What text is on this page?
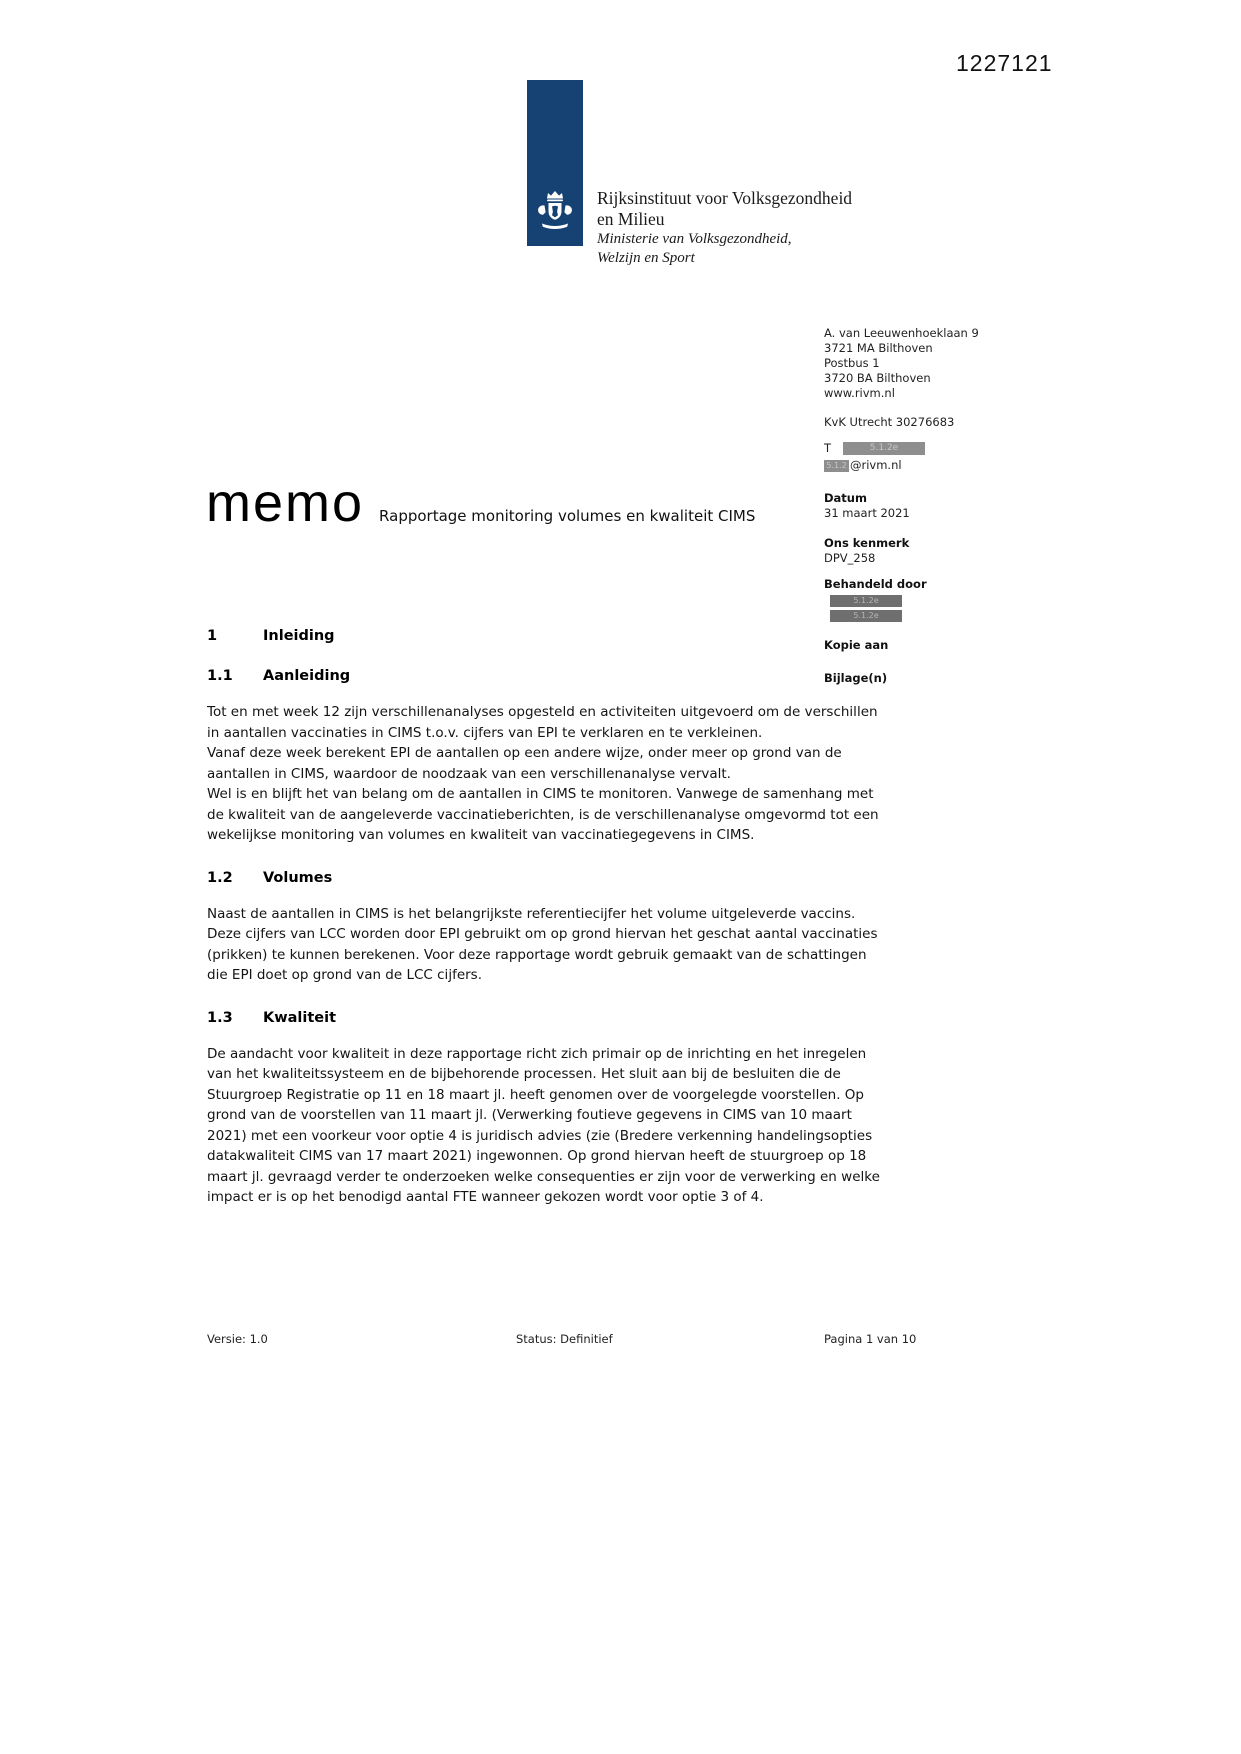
1227121
Rijksinstituut voor Volksgezondheid
en Milieu
Ministerie van Volksgezondheid,
Welzijn en Sport
A. van Leeuwenhoeklaan 9
3721 MA Bilthoven
Postbus 1
3720 BA Bilthoven
www.rivm.nl
KvK Utrecht 30276683
T	5.1.2e
5.1.2 @rivm.nl
Datum
31 maart 2021
Ons kenmerk
DPV_258
Behandeld door
5.1.2e
5.1.2e
Kopie aan
Bijlage(n)
memo Rapportage monitoring volumes en kwaliteit CIMS
1	Inleiding
1.1	Aanleiding

Tot en met week 12 zijn verschillenanalyses opgesteld en activiteiten uitgevoerd om de verschillen in aantallen vaccinaties in CIMS t.o.v. cijfers van EPI te verklaren en te verkleinen.

Vanaf deze week berekent EPI de aantallen op een andere wijze, onder meer op grond van de aantallen in CIMS, waardoor de noodzaak van een verschillenanalyse vervalt.

Wel is en blijft het van belang om de aantallen in CIMS te monitoren. Vanwege de samenhang met de kwaliteit van de aangeleverde vaccinatieberichten, is de verschillenanalyse omgevormd tot een wekelijkse monitoring van volumes en kwaliteit van vaccinatiegegevens in CIMS.

1.2	Volumes

Naast de aantallen in CIMS is het belangrijkste referentiecijfer het volume uitgeleverde vaccins. Deze cijfers van LCC worden door EPI gebruikt om op grond hiervan het geschat aantal vaccinaties (prikken) te kunnen berekenen. Voor deze rapportage wordt gebruik gemaakt van de schattingen die EPI doet op grond van de LCC cijfers.

1.3	Kwaliteit

De aandacht voor kwaliteit in deze rapportage richt zich primair op de inrichting en het inregelen van het kwaliteitssysteem en de bijbehorende processen. Het sluit aan bij de besluiten die de Stuurgroep Registratie op 11 en 18 maart jl. heeft genomen over de voorgelegde voorstellen. Op grond van de voorstellen van 11 maart jl. (Verwerking foutieve gegevens in CIMS van 10 maart 2021) met een voorkeur voor optie 4 is juridisch advies (zie (Bredere verkenning handelingsopties datakwaliteit CIMS van 17 maart 2021) ingewonnen. Op grond hiervan heeft de stuurgroep op 18 maart jl. gevraagd verder te onderzoeken welke consequenties er zijn voor de verwerking en welke impact er is op het benodigd aantal FTE wanneer gekozen wordt voor optie 3 of 4.

Versie: 1.0	Status: Definitief	Pagina 1 van 10
